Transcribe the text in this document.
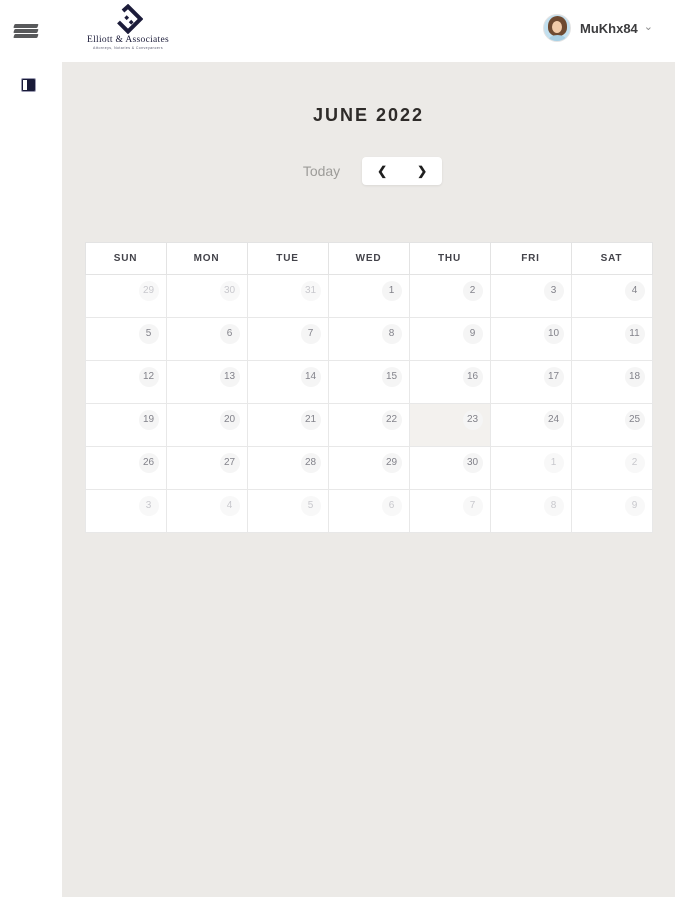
Elliott & Associates
Attorneys, Notaries & Conveyancers
MuKhx84 ⌄
JUNE 2022
Today	❮ ❯
SUN	MON	TUE	WED	THU	FRI	SAT
29	30	31	1	2	3	4
5	6	7	8	9	10	11
12	13	14	15	16	17	18
19	20	21	22	23	24	25
26	27	28	29	30	1	2
3	4	5	6	7	8	9
